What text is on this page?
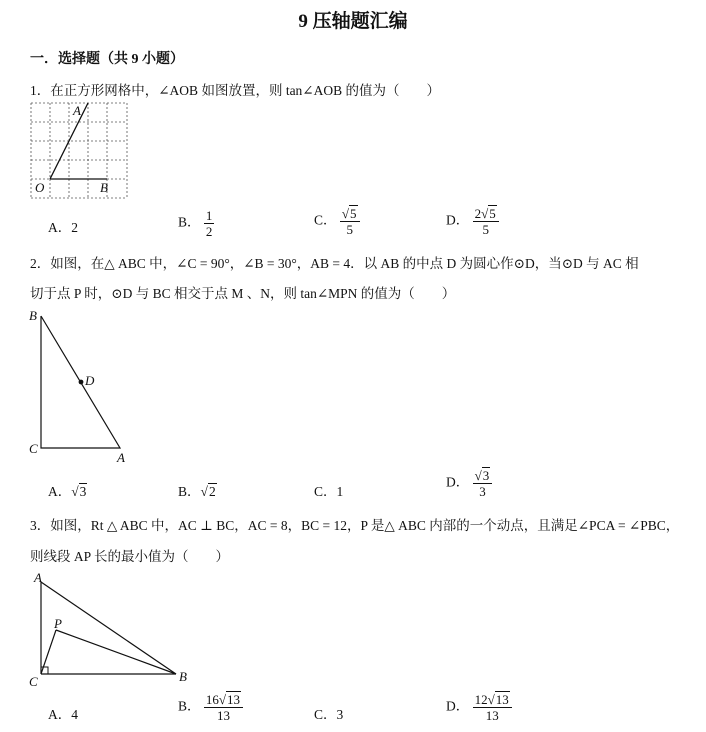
9 压轴题汇编
一．选择题（共 9 小题）
1．在正方形网格中，∠AOB 如图放置，则 tan∠AOB 的值为（　　）
A
O	B
A．2	B． $\frac{1}{2}$	C． $\frac{√5}{5}$	D． $\frac{2√5}{5}$
2．如图，在△ ABC 中，∠C = 90°，∠B = 30°，AB = 4．以 AB 的中点 D 为圆心作⊙D，当⊙D 与 AC 相
切于点 P 时，⊙D 与 BC 相交于点 M 、N，则 tan∠MPN 的值为（　　）
B
C
A
D
A．√3	B．√2	C．1
D． $\frac{√3}{3}$
3．如图，Rt △ ABC 中，AC ⊥ BC，AC = 8，BC = 12，P 是△ ABC 内部的一个动点，且满足∠PCA = ∠PBC，
则线段 AP 长的最小值为（　　）
A
P
C	B
A．4
B． $\frac{16√13}{13}$	C．3
D． $\frac{12√13}{13}$
